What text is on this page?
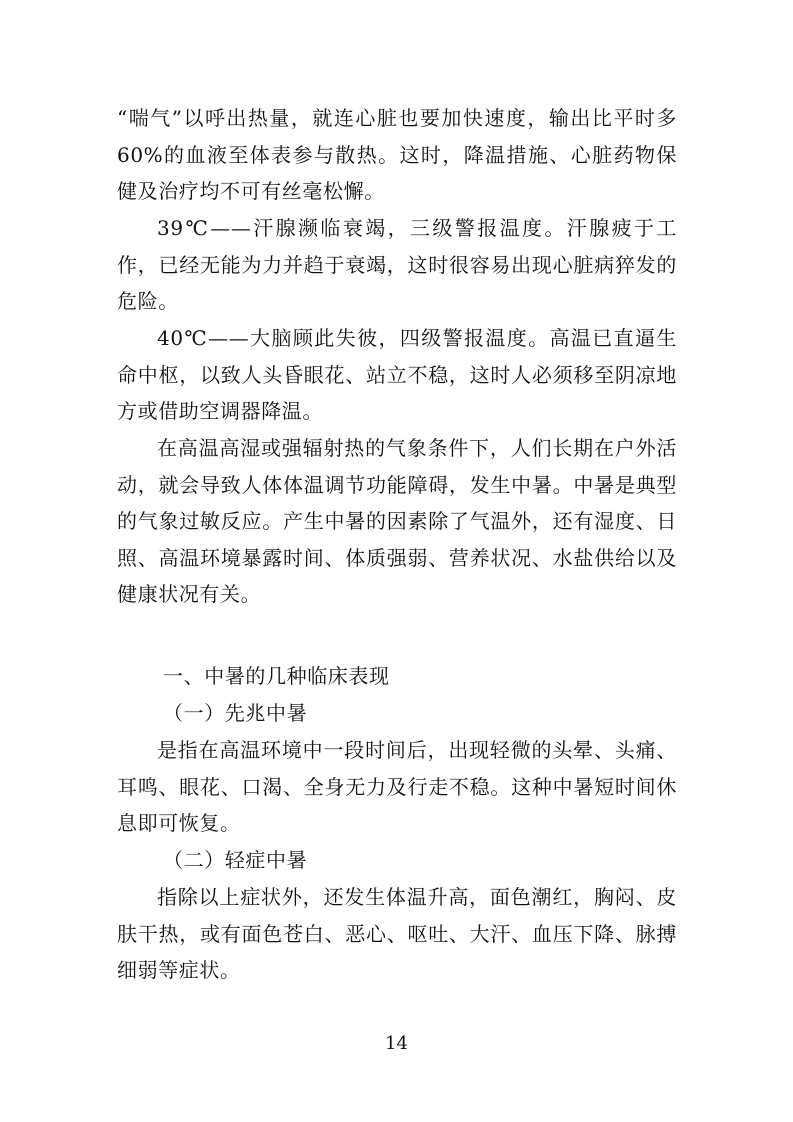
“喘气”以呼出热量，就连心脏也要加快速度，输出比平时多 60%的血液至体表参与散热。这时，降温措施、心脏药物保健及治疗均不可有丝毫松懈。

39℃——汗腺濒临衰竭，三级警报温度。汗腺疲于工作，已经无能为力并趋于衰竭，这时很容易出现心脏病猝发的危险。

40℃——大脑顾此失彼，四级警报温度。高温已直逼生命中枢，以致人头昏眼花、站立不稳，这时人必须移至阴凉地方或借助空调器降温。

在高温高湿或强辐射热的气象条件下，人们长期在户外活动，就会导致人体体温调节功能障碍，发生中暑。中暑是典型的气象过敏反应。产生中暑的因素除了气温外，还有湿度、日照、高温环境暴露时间、体质强弱、营养状况、水盐供给以及健康状况有关。

一、中暑的几种临床表现

（一）先兆中暑

是指在高温环境中一段时间后，出现轻微的头晕、头痛、耳鸣、眼花、口渴、全身无力及行走不稳。这种中暑短时间休息即可恢复。

（二）轻症中暑

指除以上症状外，还发生体温升高，面色潮红，胸闷、皮肤干热，或有面色苍白、恶心、呕吐、大汗、血压下降、脉搏细弱等症状。

14
